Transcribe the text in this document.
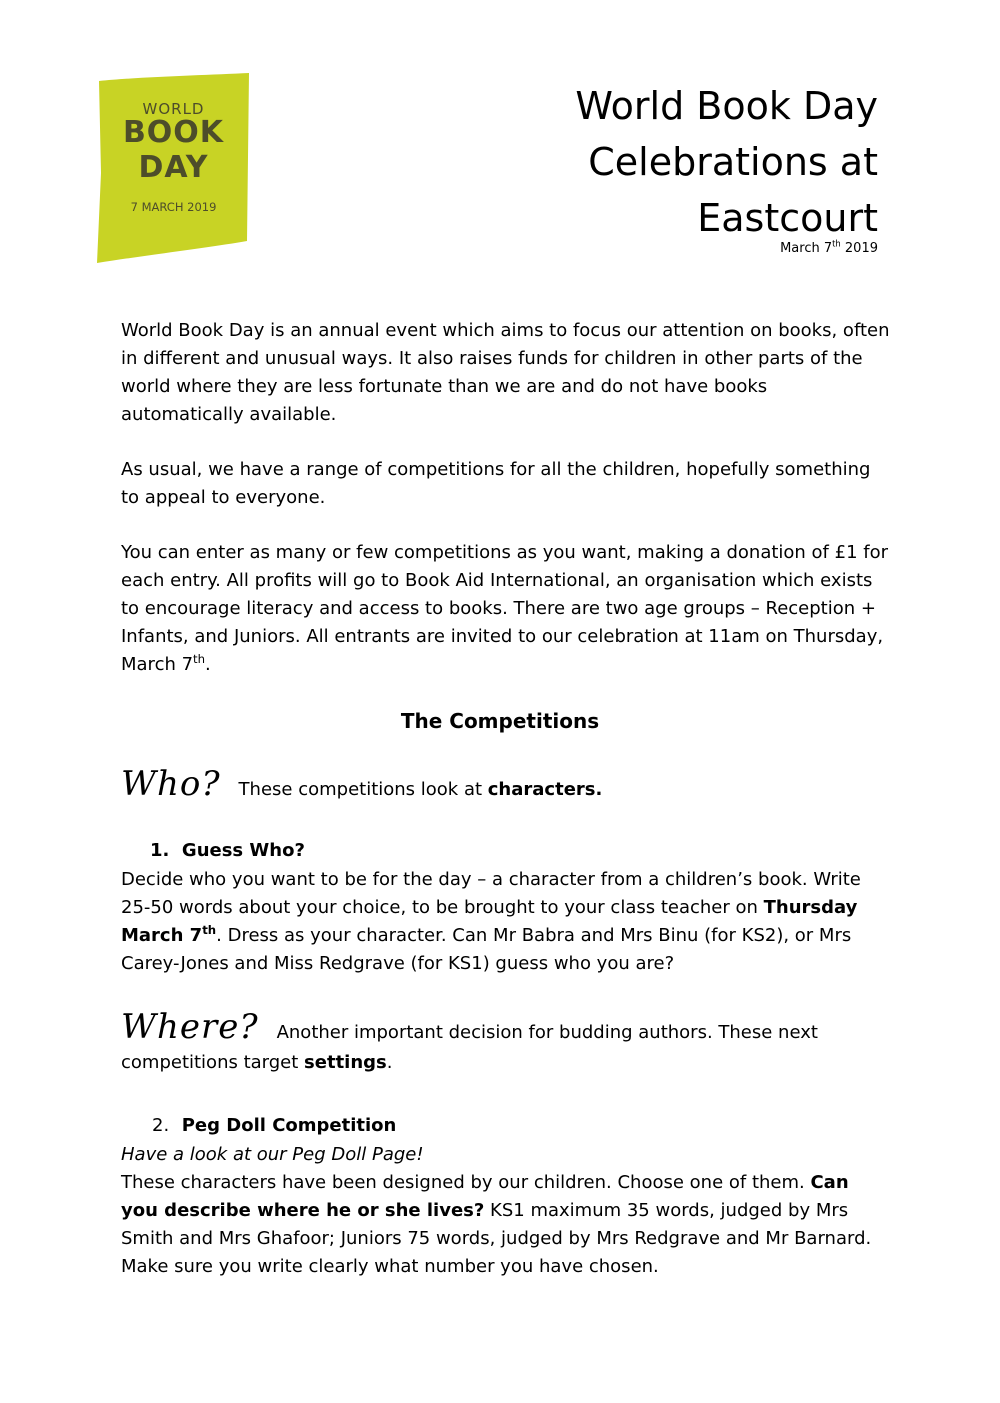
WORLD
BOOK
DAY
7 MARCH 2019
World Book Day
Celebrations at
Eastcourt
March 7th 2019
World Book Day is an annual event which aims to focus our attention on books, often in different and unusual ways. It also raises funds for children in other parts of the world where they are less fortunate than we are and do not have books automatically available.
As usual, we have a range of competitions for all the children, hopefully something to appeal to everyone.
You can enter as many or few competitions as you want, making a donation of £1 for each entry. All profits will go to Book Aid International, an organisation which exists to encourage literacy and access to books. There are two age groups – Reception + Infants, and Juniors. All entrants are invited to our celebration at 11am on Thursday, March 7th.
The Competitions
Who? These competitions look at characters.
1. Guess Who?
Decide who you want to be for the day – a character from a children’s book. Write 25-50 words about your choice, to be brought to your class teacher on Thursday March 7th. Dress as your character. Can Mr Babra and Mrs Binu (for KS2), or Mrs Carey-Jones and Miss Redgrave (for KS1) guess who you are?
Where? Another important decision for budding authors. These next competitions target settings.
2. Peg Doll Competition
Have a look at our Peg Doll Page!
These characters have been designed by our children. Choose one of them. Can you describe where he or she lives? KS1 maximum 35 words, judged by Mrs Smith and Mrs Ghafoor; Juniors 75 words, judged by Mrs Redgrave and Mr Barnard. Make sure you write clearly what number you have chosen.
